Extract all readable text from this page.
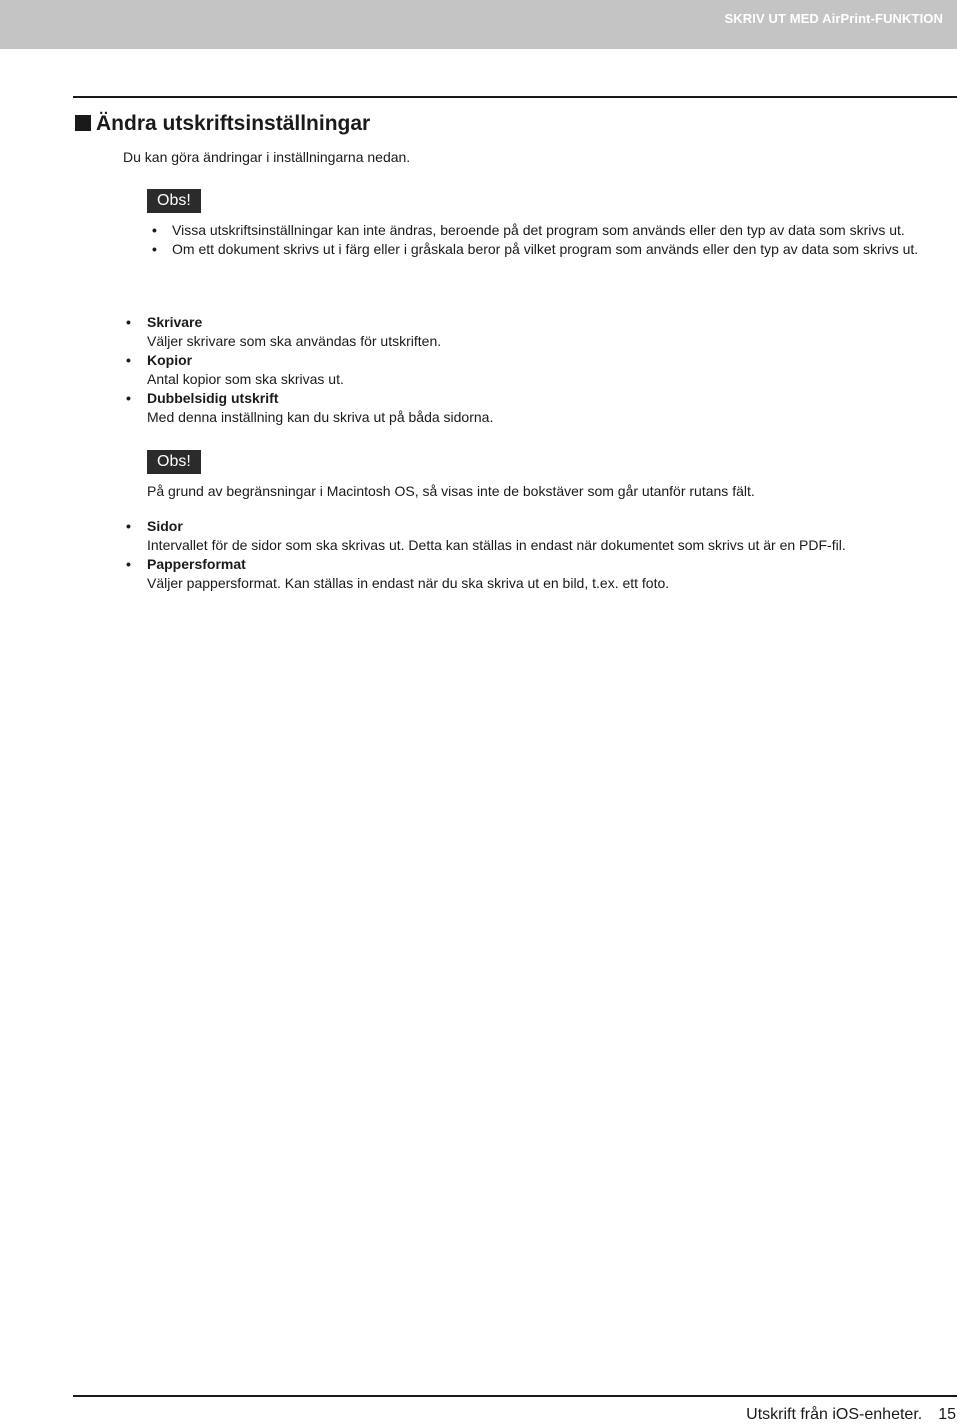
SKRIV UT MED AirPrint-FUNKTION
Ändra utskriftsinställningar

Du kan göra ändringar i inställningarna nedan.

Obs!
• Vissa utskriftsinställningar kan inte ändras, beroende på det program som används eller den typ av data som skrivs ut.
• Om ett dokument skrivs ut i färg eller i gråskala beror på vilket program som används eller den typ av data som skrivs ut.
• Skrivare
Väljer skrivare som ska användas för utskriften.
• Kopior
Antal kopior som ska skrivas ut.
• Dubbelsidig utskrift
Med denna inställning kan du skriva ut på båda sidorna.
Obs!

På grund av begränsningar i Macintosh OS, så visas inte de bokstäver som går utanför rutans fält.

• Sidor
Intervallet för de sidor som ska skrivas ut. Detta kan ställas in endast när dokumentet som skrivs ut är en PDF-fil.
• Pappersformat
Väljer pappersformat. Kan ställas in endast när du ska skriva ut en bild, t.ex. ett foto.
Utskrift från iOS-enheter. 15
